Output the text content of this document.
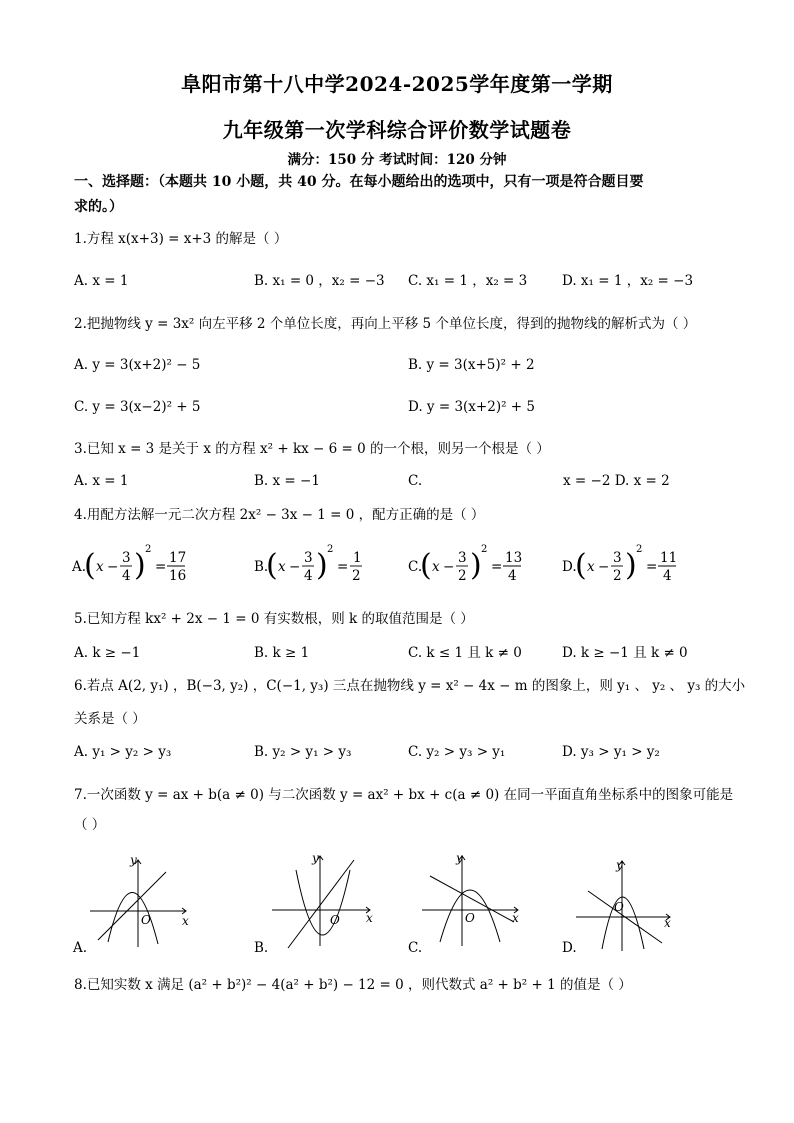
阜阳市第十八中学2024-2025学年度第一学期
九年级第一次学科综合评价数学试题卷
满分：150 分 考试时间：120 分钟
一、选择题：（本题共 10 小题，共 40 分。在每小题给出的选项中，只有一项是符合题目要
求的。）
1.方程 x(x+3) = x+3 的解是（ ）
A. x = 1	B. x₁ = 0 ，x₂ = −3 C. x₁ = 1 ，x₂ = 3	D. x₁ = 1 ，x₂ = −3
2.把抛物线 y = 3x² 向左平移 2 个单位长度，再向上平移 5 个单位长度，得到的抛物线的解析式为（ ）
A. y = 3(x+2)² − 5	B. y = 3(x+5)² + 2
C. y = 3(x−2)² + 5	D. y = 3(x+2)² + 5
3.已知 x = 3 是关于 x 的方程 x² + kx − 6 = 0 的一个根，则另一个根是（ ）
A. x = 1	B. x = −1	C.	x = −2 D. x = 2
4.用配方法解一元二次方程 2x² − 3x − 1 = 0 ，配方正确的是（ ）
A.
( x −
3
4 ) 2
=
17
16
B.
( x −
3
4 ) 2
=
1
2
C.
( x −
3
2 ) 2
=
13
4
D.
( x −
3
2 ) 2
=
11
4
5.已知方程 kx² + 2x − 1 = 0 有实数根，则 k 的取值范围是（ ）
A. k ≥ −1	B. k ≥ 1	C. k ≤ 1 且 k ≠ 0	D. k ≥ −1 且 k ≠ 0
6.若点 A(2, y₁) ，B(−3, y₂) ，C(−1, y₃) 三点在抛物线 y = x² − 4x − m 的图象上，则 y₁ 、 y₂ 、 y₃ 的大小
关系是（ ）
A. y₁ > y₂ > y₃	B. y₂ > y₁ > y₃	C. y₂ > y₃ > y₁	D. y₃ > y₁ > y₂
7.一次函数 y = ax + b(a ≠ 0) 与二次函数 y = ax² + bx + c(a ≠ 0) 在同一平面直角坐标系中的图象可能是
（ ）
y
x
O
A.
y
x
O
B.
y
x
O
C.
y
x
O
D.
8.已知实数 x 满足 (a² + b²)² − 4(a² + b²) − 12 = 0 ，则代数式 a² + b² + 1 的值是（ ）
